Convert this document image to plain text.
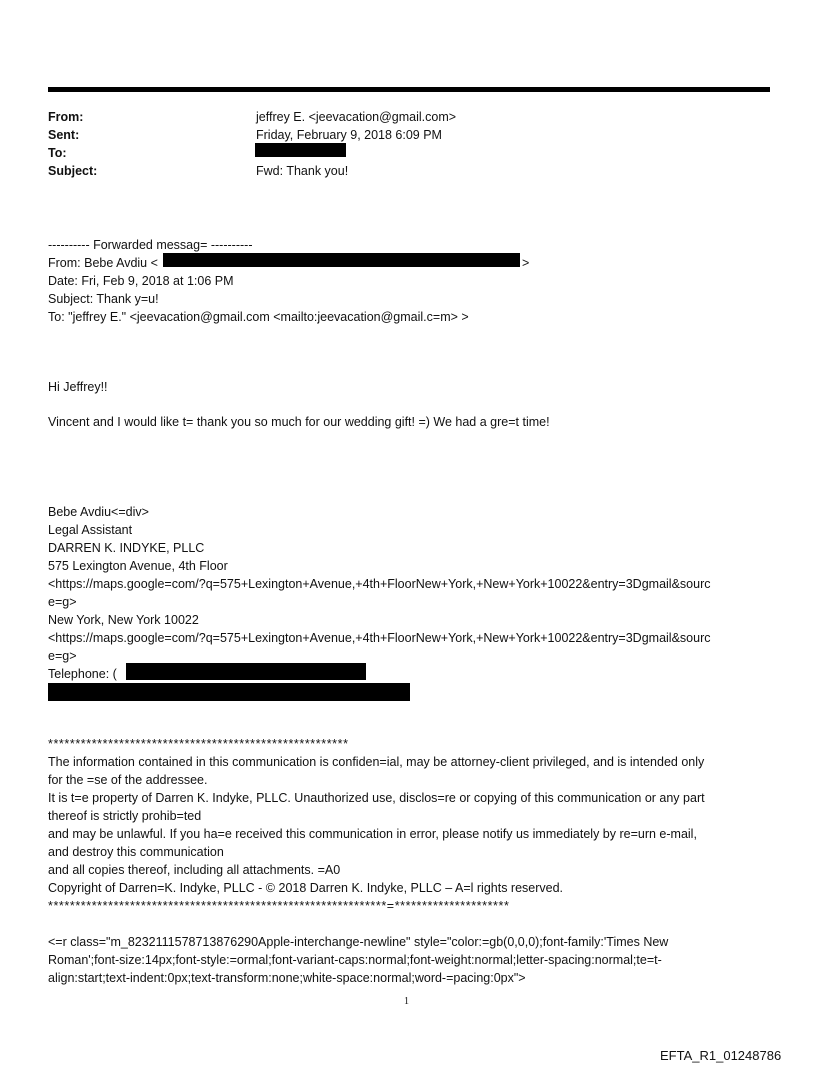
From:	jeffrey E. <jeevacation@gmail.com>
Sent:	Friday, February 9, 2018 6:09 PM
To:
Subject:	Fwd: Thank you!
---------- Forwarded messag= ----------
From: Bebe Avdiu <	>
Date: Fri, Feb 9, 2018 at 1:06 PM
Subject: Thank y=u!
To: "jeffrey E." <jeevacation@gmail.com <mailto:jeevacation@gmail.c=m> >
Hi Jeffrey!!
Vincent and I would like t= thank you so much for our wedding gift! =) We had a gre=t time!
Bebe Avdiu<=div>
Legal Assistant
DARREN K. INDYKE, PLLC
575 Lexington Avenue, 4th Floor
<https://maps.google=com/?q=575+Lexington+Avenue,+4th+FloorNew+York,+New+York+10022&entry=3Dgmail&sourc
e=g>
New York, New York 10022
<https://maps.google=com/?q=575+Lexington+Avenue,+4th+FloorNew+York,+New+York+10022&entry=3Dgmail&sourc
e=g>
Telephone: (
*******************************************************
The information contained in this communication is confiden=ial, may be attorney-client privileged, and is intended only
for the =se of the addressee.
It is t=e property of Darren K. Indyke, PLLC. Unauthorized use, disclos=re or copying of this communication or any part
thereof is strictly prohib=ted
and may be unlawful. If you ha=e received this communication in error, please notify us immediately by re=urn e-mail,
and destroy this communication
and all copies thereof, including all attachments. =A0
Copyright of Darren=K. Indyke, PLLC - © 2018 Darren K. Indyke, PLLC – A=l rights reserved.
**************************************************************=*********************
<=r class="m_8232111578713876290Apple-interchange-newline" style="color:=gb(0,0,0);font-family:'Times New
Roman';font-size:14px;font-style:=ormal;font-variant-caps:normal;font-weight:normal;letter-spacing:normal;te=t-
align:start;text-indent:0px;text-transform:none;white-space:normal;word-=pacing:0px">
1
EFTA_R1_01248786
